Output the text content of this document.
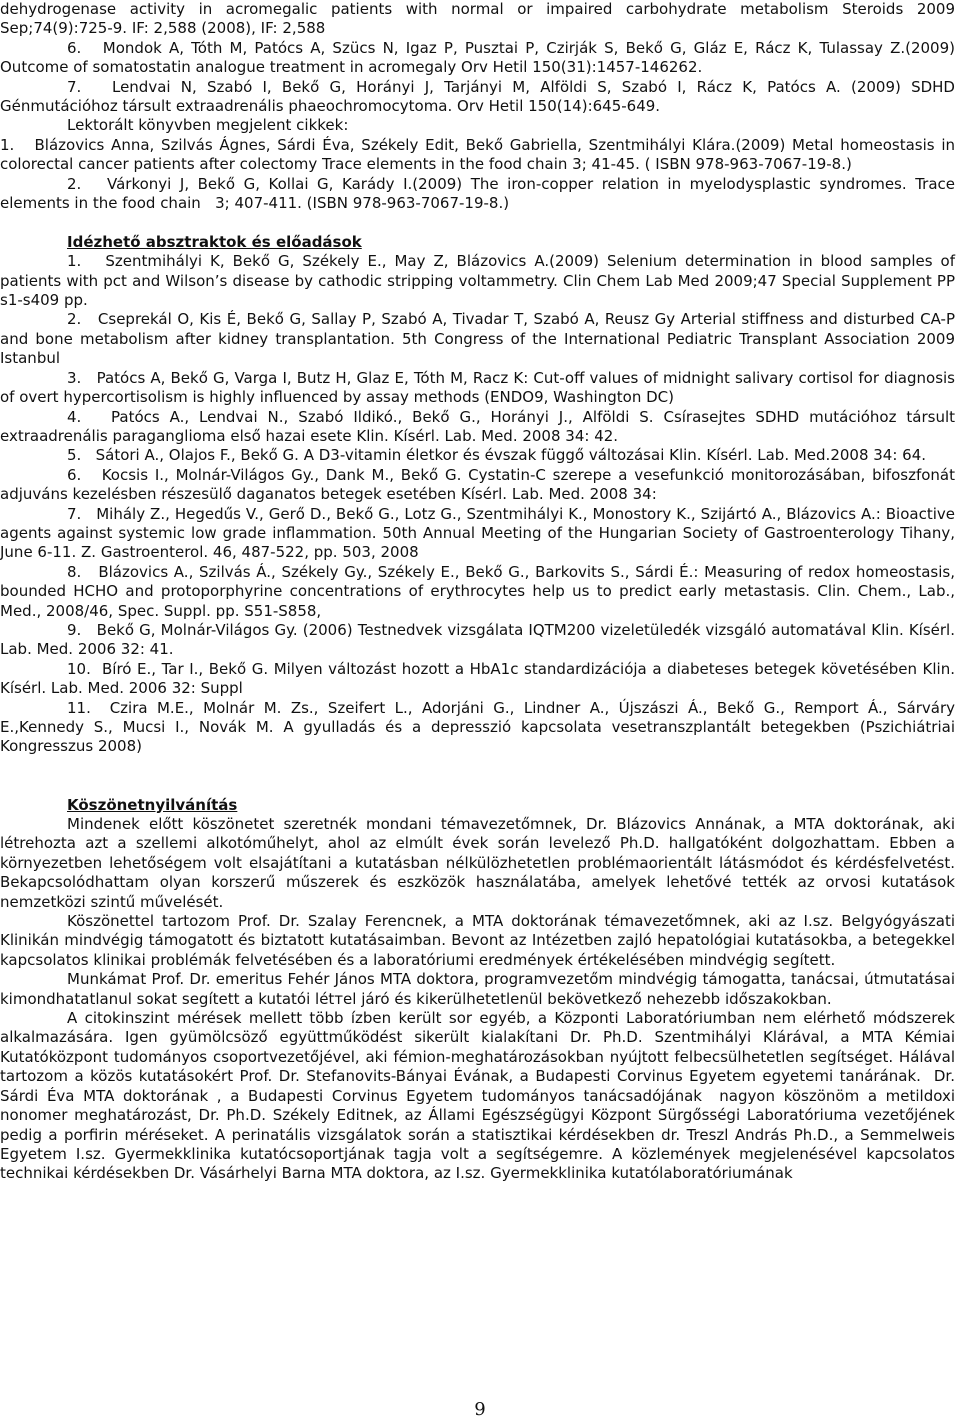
dehydrogenase activity in acromegalic patients with normal or impaired carbohydrate metabolism Steroids 2009 Sep;74(9):725-9. IF: 2,588 (2008), IF: 2,588

6.   Mondok A, Tóth M, Patócs A, Szücs N, Igaz P, Pusztai P, Czirják S, Bekő G, Gláz E, Rácz K, Tulassay Z.(2009) Outcome of somatostatin analogue treatment in acromegaly Orv Hetil 150(31):1457-146262.

7.   Lendvai N, Szabó I, Bekő G, Horányi J, Tarjányi M, Alföldi S, Szabó I, Rácz K, Patócs A. (2009) SDHD Génmutációhoz társult extraadrenális phaeochromocytoma. Orv Hetil 150(14):645-649.

Lektorált könyvben megjelent cikkek:

1.   Blázovics Anna, Szilvás Ágnes, Sárdi Éva, Székely Edit, Bekő Gabriella, Szentmihályi Klára.(2009) Metal homeostasis in colorectal cancer patients after colectomy Trace elements in the food chain 3; 41-45. ( ISBN 978-963-7067-19-8.)

2.   Várkonyi J, Bekő G, Kollai G, Karády I.(2009) The iron-copper relation in myelodysplastic syndromes. Trace elements in the food chain   3; 407-411. (ISBN 978-963-7067-19-8.)

Idézhető absztraktok és előadások

1.   Szentmihályi K, Bekő G, Székely E., May Z, Blázovics A.(2009) Selenium determination in blood samples of patients with pct and Wilson’s disease by cathodic stripping voltammetry. Clin Chem Lab Med 2009;47 Special Supplement PP s1-s409 pp.

2.   Cseprekál O, Kis É, Bekő G, Sallay P, Szabó A, Tivadar T, Szabó A, Reusz Gy Arterial stiffness and disturbed CA-P and bone metabolism after kidney transplantation. 5th Congress of the International Pediatric Transplant Association 2009 Istanbul

3.   Patócs A, Bekő G, Varga I, Butz H, Glaz E, Tóth M, Racz K: Cut-off values of midnight salivary cortisol for diagnosis of overt hypercortisolism is highly influenced by assay methods (ENDO9, Washington DC)

4.   Patócs A., Lendvai N., Szabó Ildikó., Bekő G., Horányi J., Alföldi S. Csírasejtes SDHD mutációhoz társult extraadrenális paraganglioma első hazai esete Klin. Kísérl. Lab. Med. 2008 34: 42.

5.   Sátori A., Olajos F., Bekő G. A D3-vitamin életkor és évszak függő változásai Klin. Kísérl. Lab. Med.2008 34: 64.

6.   Kocsis I., Molnár-Világos Gy., Dank M., Bekő G. Cystatin-C szerepe a vesefunkció monitorozásában, bifoszfonát adjuváns kezelésben részesülő daganatos betegek esetében Kísérl. Lab. Med. 2008 34:

7.   Mihály Z., Hegedűs V., Gerő D., Bekő G., Lotz G., Szentmihályi K., Monostory K., Szijártó A., Blázovics A.: Bioactive agents against systemic low grade inflammation. 50th Annual Meeting of the Hungarian Society of Gastroenterology Tihany, June 6-11. Z. Gastroenterol. 46, 487-522, pp. 503, 2008

8.   Blázovics A., Szilvás Á., Székely Gy., Székely E., Bekő G., Barkovits S., Sárdi É.: Measuring of redox homeostasis, bounded HCHO and protoporphyrine concentrations of erythrocytes help us to predict early metastasis. Clin. Chem., Lab., Med., 2008/46, Spec. Suppl. pp. S51-S858,

9.   Bekő G, Molnár-Világos Gy. (2006) Testnedvek vizsgálata IQTM200 vizeletüledék vizsgáló automatával Klin. Kísérl. Lab. Med. 2006 32: 41.

10.  Bíró E., Tar I., Bekő G. Milyen változást hozott a HbA1c standardizációja a diabeteses betegek követésében Klin. Kísérl. Lab. Med. 2006 32: Suppl

11.  Czira M.E., Molnár M. Zs., Szeifert L., Adorjáni G., Lindner A., Újszászi Á., Bekő G., Remport Á., Sárváry E.,Kennedy S., Mucsi I., Novák M. A gyulladás és a depresszió kapcsolata vesetranszplantált betegekben (Pszichiátriai Kongresszus 2008)

Köszönetnyilvánítás

Mindenek előtt köszönetet szeretnék mondani témavezetőmnek, Dr. Blázovics Annának, a MTA doktorának, aki létrehozta azt a szellemi alkotóműhelyt, ahol az elmúlt évek során levelező Ph.D. hallgatóként dolgozhattam. Ebben a környezetben lehetőségem volt elsajátítani a kutatásban nélkülözhetetlen problémaorientált látásmódot és kérdésfelvetést. Bekapcsolódhattam olyan korszerű műszerek és eszközök használatába, amelyek lehetővé tették az orvosi kutatások nemzetközi szintű művelését.

Köszönettel tartozom Prof. Dr. Szalay Ferencnek, a MTA doktorának témavezetőmnek, aki az I.sz. Belgyógyászati Klinikán mindvégig támogatott és biztatott kutatásaimban. Bevont az Intézetben zajló hepatológiai kutatásokba, a betegekkel kapcsolatos klinikai problémák felvetésében és a laboratóriumi eredmények értékelésében mindvégig segített.

Munkámat Prof. Dr. emeritus Fehér János MTA doktora, programvezetőm mindvégig támogatta, tanácsai, útmutatásai kimondhatatlanul sokat segített a kutatói létтel járó és kikerülhetetlenül bekövetkező nehezebb időszakokban.

A citokinszint mérések mellett több ízben került sor egyéb, a Központi Laboratóriumban nem elérhető módszerek alkalmazására. Igen gyümölcsöző együttműködést sikerült kialakítani Dr. Ph.D. Szentmihályi Klárával, a MTA Kémiai Kutatóközpont tudományos csoportvezetőjével, aki fémion-meghatározásokban nyújtott felbecsülhetetlen segítséget. Hálával tartozom a közös kutatásokért Prof. Dr. Stefanovits-Bányai Évának, a Budapesti Corvinus Egyetem egyetemi tanárának.  Dr. Sárdi Éva MTA doktorának , a Budapesti Corvinus Egyetem tudományos tanácsadójának  nagyon köszönöm a metildoxi nonomer meghatározást, Dr. Ph.D. Székely Editnek, az Állami Egészségügyi Központ Sürgősségi Laboratóriuma vezetőjének pedig a porfirin méréseket. A perinatális vizsgálatok során a statisztikai kérdésekben dr. Treszl András Ph.D., a Semmelweis Egyetem I.sz. Gyermekklinika kutatócsoportjának tagja volt a segítségemre. A közlemények megjelenésével kapcsolatos technikai kérdésekben Dr. Vásárhelyi Barna MTA doktora, az I.sz. Gyermekklinika kutatólaboratóriumának

9
